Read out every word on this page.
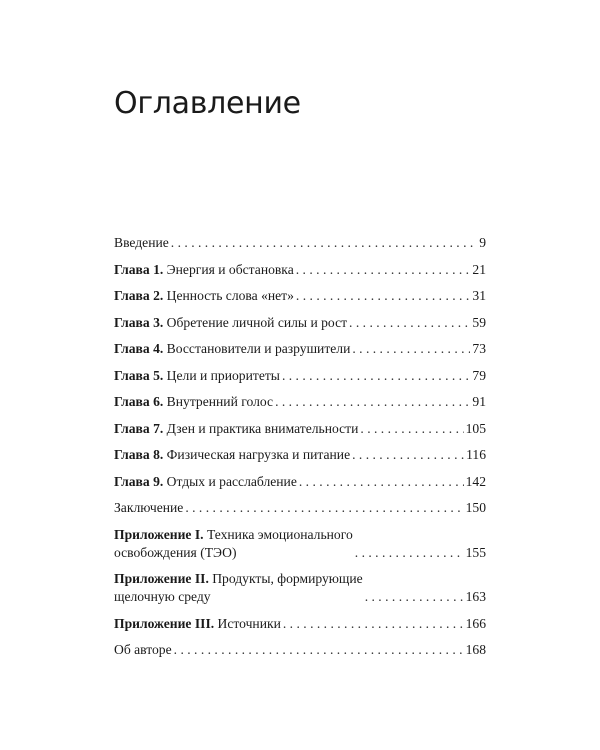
Оглавление
Введение . . .	9
Глава 1. Энергия и обстановка . . .	21
Глава 2. Ценность слова «нет» . . .	31
Глава 3. Обретение личной силы и рост . . .	59
Глава 4. Восстановители и разрушители . . .	73
Глава 5. Цели и приоритеты . . .	79
Глава 6. Внутренний голос . . .	91
Глава 7. Дзен и практика внимательности . . .	105
Глава 8. Физическая нагрузка и питание . . .	116
Глава 9. Отдых и расслабление . . .	142
Заключение . . .	150
Приложение I. Техника эмоционального
освобождения (ТЭО) . . .	155
Приложение II. Продукты, формирующие
щелочную среду . . .	163
Приложение III. Источники . . .	166
Об авторе . . .	168
